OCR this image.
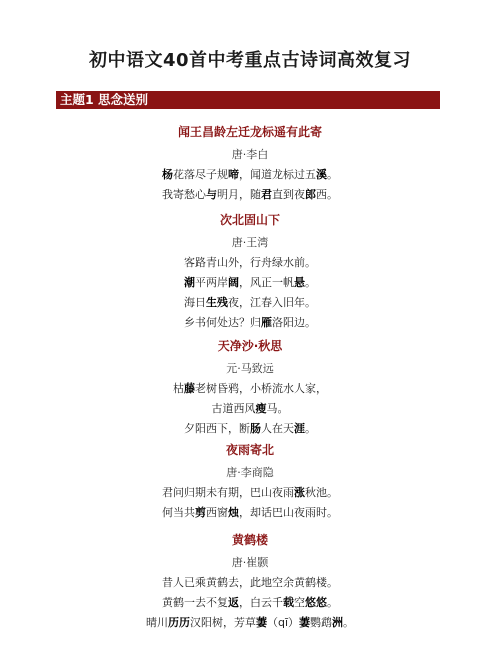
初中语文40首中考重点古诗词高效复习
主题1 思念送别
闻王昌龄左迁龙标遥有此寄
唐·李白
杨花落尽子规啼，闻道龙标过五溪。
我寄愁心与明月，随君直到夜郎西。
次北固山下
唐·王湾
客路青山外，行舟绿水前。
潮平两岸阔，风正一帆悬。
海日生残夜，江春入旧年。
乡书何处达？归雁洛阳边。
天净沙·秋思
元·马致远
枯藤老树昏鸦，小桥流水人家，
古道西风瘦马。
夕阳西下，断肠人在天涯。
夜雨寄北
唐·李商隐
君问归期未有期，巴山夜雨涨秋池。
何当共剪西窗烛，却话巴山夜雨时。
黄鹤楼
唐·崔颢
昔人已乘黄鹤去，此地空余黄鹤楼。
黄鹤一去不复返，白云千载空悠悠。
晴川历历汉阳树，芳草萋（qī）萋鹦鹉洲。
